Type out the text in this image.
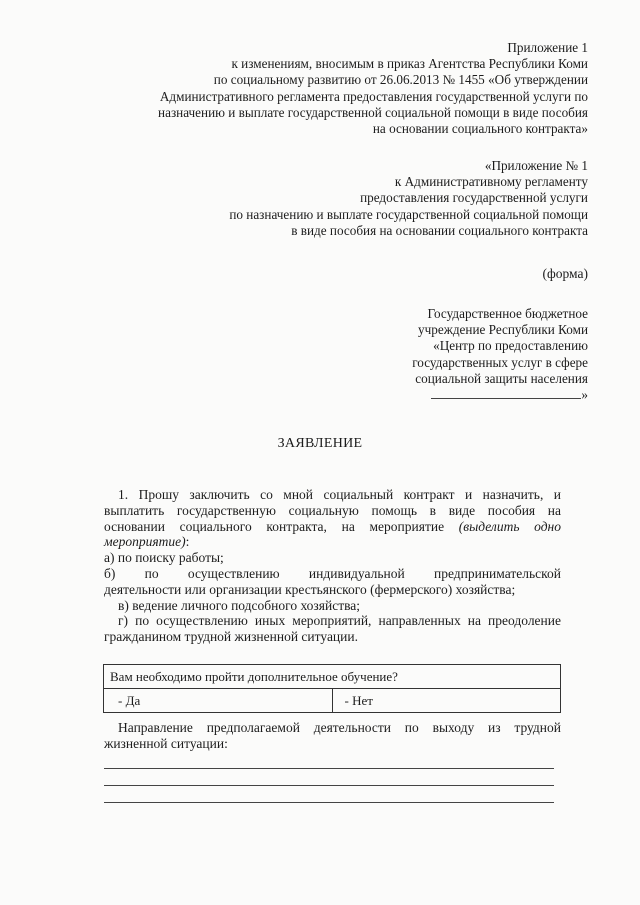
Приложение 1
к изменениям, вносимым в приказ Агентства Республики Коми
по социальному развитию от 26.06.2013 № 1455 «Об утверждении
Административного регламента предоставления государственной услуги по
назначению и выплате государственной социальной помощи в виде пособия
на основании социального контракта»
«Приложение № 1
к Административному регламенту
предоставления государственной услуги
по назначению и выплате государственной социальной помощи
в виде пособия на основании социального контракта
(форма)
Государственное бюджетное
учреждение Республики Коми
«Центр по предоставлению
государственных услуг в сфере
социальной защиты населения
»
ЗАЯВЛЕНИЕ
1. Прошу заключить со мной социальный контракт и назначить, и
выплатить государственную социальную помощь в виде пособия на
основании социального контракта, на мероприятие (выделить одно
мероприятие):
а) по поиску работы;
б) по осуществлению индивидуальной предпринимательской
деятельности или организации крестьянского (фермерского) хозяйства;
в) ведение личного подсобного хозяйства;
г) по осуществлению иных мероприятий, направленных на преодоление
гражданином трудной жизненной ситуации.
Вам необходимо пройти дополнительное обучение?
- Да	- Нет
Направление предполагаемой деятельности по выходу из трудной
жизненной ситуации:
